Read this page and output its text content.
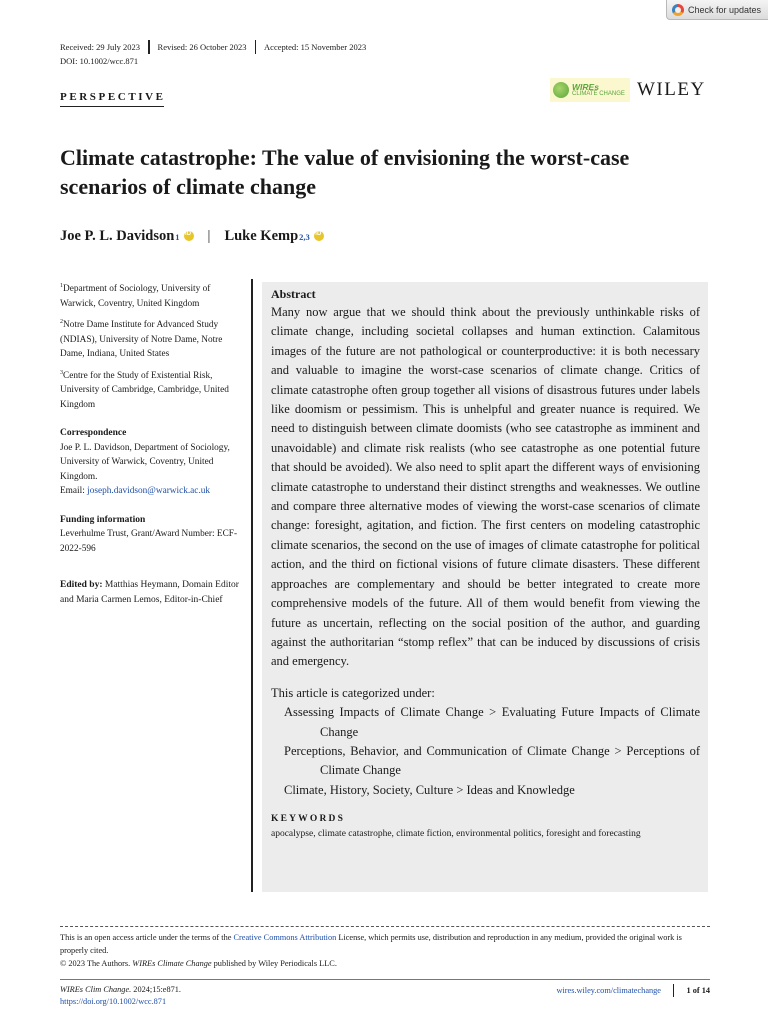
Check for updates
Received: 29 July 2023	Revised: 26 October 2023	Accepted: 15 November 2023
DOI: 10.1002/wcc.871
PERSPECTIVE
WIREs
CLIMATE CHANGE WILEY
Climate catastrophe: The value of envisioning the worst-case scenarios of climate change
Joe P. L. Davidson 1
iD | Luke Kemp 2,3
iD

$^1$Department of Sociology, University of Warwick, Coventry, United Kingdom

$^2$Notre Dame Institute for Advanced Study (NDIAS), University of Notre Dame, Notre Dame, Indiana, United States

$^3$Centre for the Study of Existential Risk, University of Cambridge, Cambridge, United Kingdom

Correspondence

Joe P. L. Davidson, Department of Sociology, University of Warwick, Coventry, United Kingdom.

Email: joseph.davidson@warwick.ac.uk

Funding information

Leverhulme Trust, Grant/Award Number: ECF-2022-596

Edited by: Matthias Heymann, Domain Editor and Maria Carmen Lemos, Editor-in-Chief
Abstract

Many now argue that we should think about the previously unthinkable risks of climate change, including societal collapses and human extinction. Calamitous images of the future are not pathological or counterproductive: it is both necessary and valuable to imagine the worst-case scenarios of climate change. Critics of climate catastrophe often group together all visions of disastrous futures under labels like doomism or pessimism. This is unhelpful and greater nuance is required. We need to distinguish between climate doomists (who see catastrophe as imminent and unavoidable) and climate risk realists (who see catastrophe as one potential future that should be avoided). We also need to split apart the different ways of envisioning climate catastrophe to understand their distinct strengths and weaknesses. We outline and compare three alternative modes of viewing the worst-case scenarios of climate change: foresight, agitation, and fiction. The first centers on modeling catastrophic climate scenarios, the second on the use of images of climate catastrophe for political action, and the third on fictional visions of future climate disasters. These different approaches are complementary and should be better integrated to create more comprehensive models of the future. All of them would benefit from viewing the future as uncertain, reflecting on the social position of the author, and guarding against the authoritarian “stomp reflex” that can be induced by discussions of crisis and emergency.

This article is categorized under:

Assessing Impacts of Climate Change > Evaluating Future Impacts of Climate Change

Perceptions, Behavior, and Communication of Climate Change > Perceptions of Climate Change

Climate, History, Society, Culture > Ideas and Knowledge

KEYWORDS

apocalypse, climate catastrophe, climate fiction, environmental politics, foresight and forecasting

This is an open access article under the terms of the Creative Commons Attribution License, which permits use, distribution and reproduction in any medium, provided the original work is properly cited.

© 2023 The Authors. WIREs Climate Change published by Wiley Periodicals LLC.

WIREs Clim Change. 2024;15:e871.
https://doi.org/10.1002/wcc.871
wires.wiley.com/climatechange	1 of 14
